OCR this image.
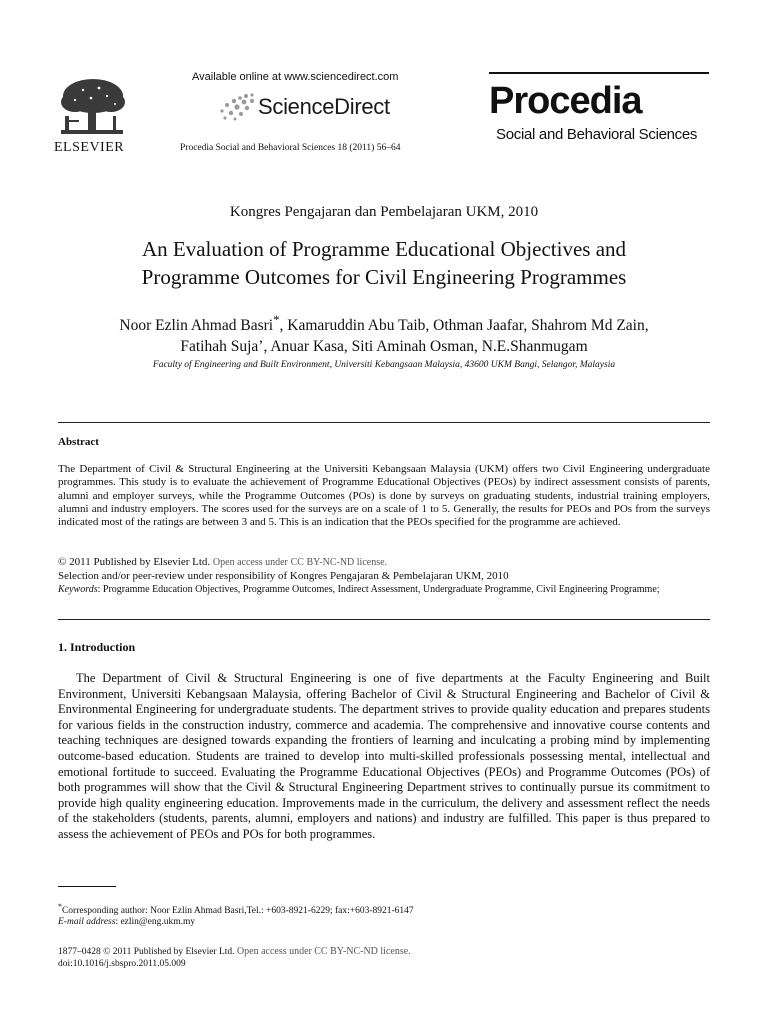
Available online at www.sciencedirect.com
ScienceDirect
Procedia Social and Behavioral Sciences 18 (2011) 56–64
ELSEVIER
Procedia
Social and Behavioral Sciences
Kongres Pengajaran dan Pembelajaran UKM, 2010
An Evaluation of Programme Educational Objectives and
Programme Outcomes for Civil Engineering Programmes
Noor Ezlin Ahmad Basri*, Kamaruddin Abu Taib, Othman Jaafar, Shahrom Md Zain,
Fatihah Suja’, Anuar Kasa, Siti Aminah Osman, N.E.Shanmugam
Faculty of Engineering and Built Environment, Universiti Kebangsaan Malaysia, 43600 UKM Bangi, Selangor, Malaysia
Abstract
The Department of Civil & Structural Engineering at the Universiti Kebangsaan Malaysia (UKM) offers two Civil Engineering undergraduate programmes. This study is to evaluate the achievement of Programme Educational Objectives (PEOs) by indirect assessment consists of parents, alumni and employer surveys, while the Programme Outcomes (POs) is done by surveys on graduating students, industrial training employers, alumni and industry employers. The scores used for the surveys are on a scale of 1 to 5. Generally, the results for PEOs and POs from the surveys indicated most of the ratings are between 3 and 5. This is an indication that the PEOs specified for the programme are achieved.
© 2011 Published by Elsevier Ltd. Open access under CC BY-NC-ND license.
Selection and/or peer-review under responsibility of Kongres Pengajaran & Pembelajaran UKM, 2010
Keywords: Programme Education Objectives, Programme Outcomes, Indirect Assessment, Undergraduate Programme, Civil Engineering Programme;
1. Introduction
The Department of Civil & Structural Engineering is one of five departments at the Faculty Engineering and Built Environment, Universiti Kebangsaan Malaysia, offering Bachelor of Civil & Structural Engineering and Bachelor of Civil & Environmental Engineering for undergraduate students. The department strives to provide quality education and prepares students for various fields in the construction industry, commerce and academia. The comprehensive and innovative course contents and teaching techniques are designed towards expanding the frontiers of learning and inculcating a probing mind by implementing outcome-based education. Students are trained to develop into multi-skilled professionals possessing mental, intellectual and emotional fortitude to succeed. Evaluating the Programme Educational Objectives (PEOs) and Programme Outcomes (POs) of both programmes will show that the Civil & Structural Engineering Department strives to continually pursue its commitment to provide high quality engineering education. Improvements made in the curriculum, the delivery and assessment reflect the needs of the stakeholders (students, parents, alumni, employers and nations) and industry are fulfilled. This paper is thus prepared to assess the achievement of PEOs and POs for both programmes.
*Corresponding author: Noor Ezlin Ahmad Basri,Tel.: +603-8921-6229; fax:+603-8921-6147
E-mail address: ezlin@eng.ukm.my
1877–0428 © 2011 Published by Elsevier Ltd. Open access under CC BY-NC-ND license.
doi:10.1016/j.sbspro.2011.05.009
